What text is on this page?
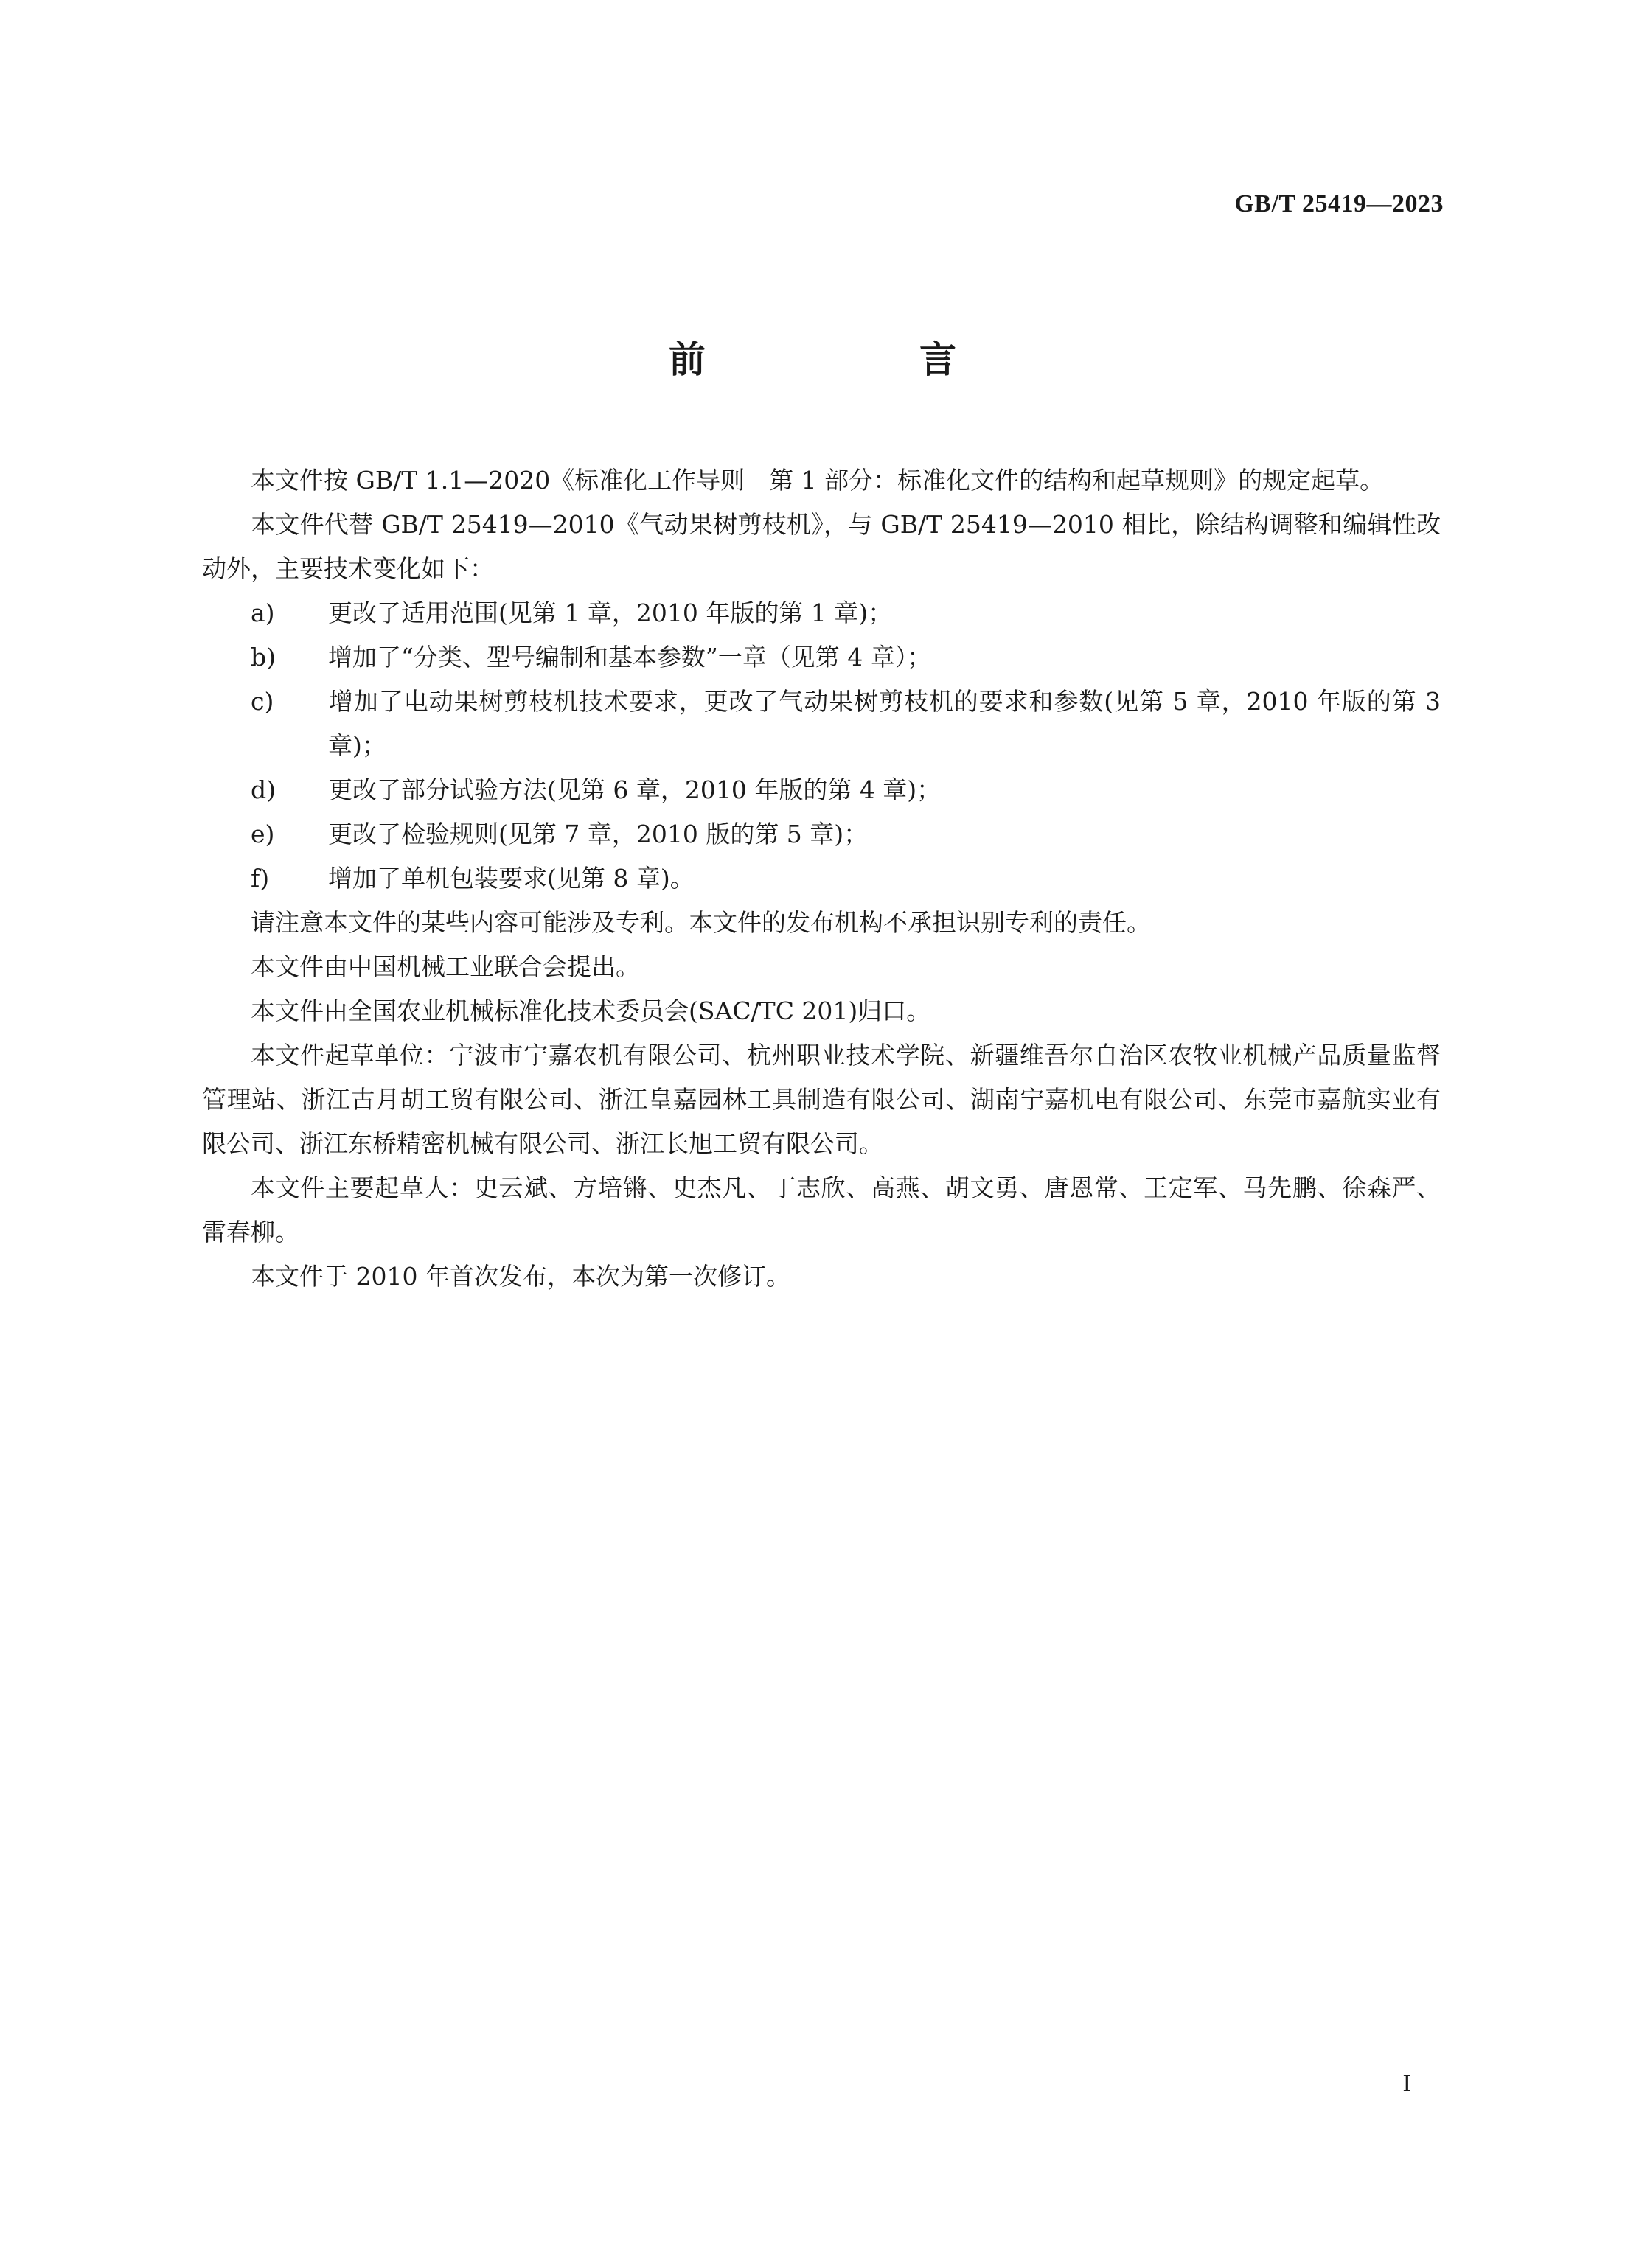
GB/T 25419—2023
前　言

本文件按 GB/T 1.1—2020《标准化工作导则　第 1 部分：标准化文件的结构和起草规则》的规定起草。

本文件代替 GB/T 25419—2010《气动果树剪枝机》，与 GB/T 25419—2010 相比，除结构调整和编辑性改动外，主要技术变化如下：

a) 更改了适用范围(见第 1 章，2010 年版的第 1 章)；

b) 增加了“分类、型号编制和基本参数”一章（见第 4 章）；

c) 增加了电动果树剪枝机技术要求，更改了气动果树剪枝机的要求和参数(见第 5 章，2010 年版的第 3 章)；

d) 更改了部分试验方法(见第 6 章，2010 年版的第 4 章)；

e) 更改了检验规则(见第 7 章，2010 版的第 5 章)；

f) 增加了单机包装要求(见第 8 章)。

请注意本文件的某些内容可能涉及专利。本文件的发布机构不承担识别专利的责任。

本文件由中国机械工业联合会提出。

本文件由全国农业机械标准化技术委员会(SAC/TC 201)归口。

本文件起草单位：宁波市宁嘉农机有限公司、杭州职业技术学院、新疆维吾尔自治区农牧业机械产品质量监督管理站、浙江古月胡工贸有限公司、浙江皇嘉园林工具制造有限公司、湖南宁嘉机电有限公司、东莞市嘉航实业有限公司、浙江东桥精密机械有限公司、浙江长旭工贸有限公司。

本文件主要起草人：史云斌、方培锵、史杰凡、丁志欣、高燕、胡文勇、唐恩常、王定军、马先鹏、徐森严、雷春柳。

本文件于 2010 年首次发布，本次为第一次修订。

I
